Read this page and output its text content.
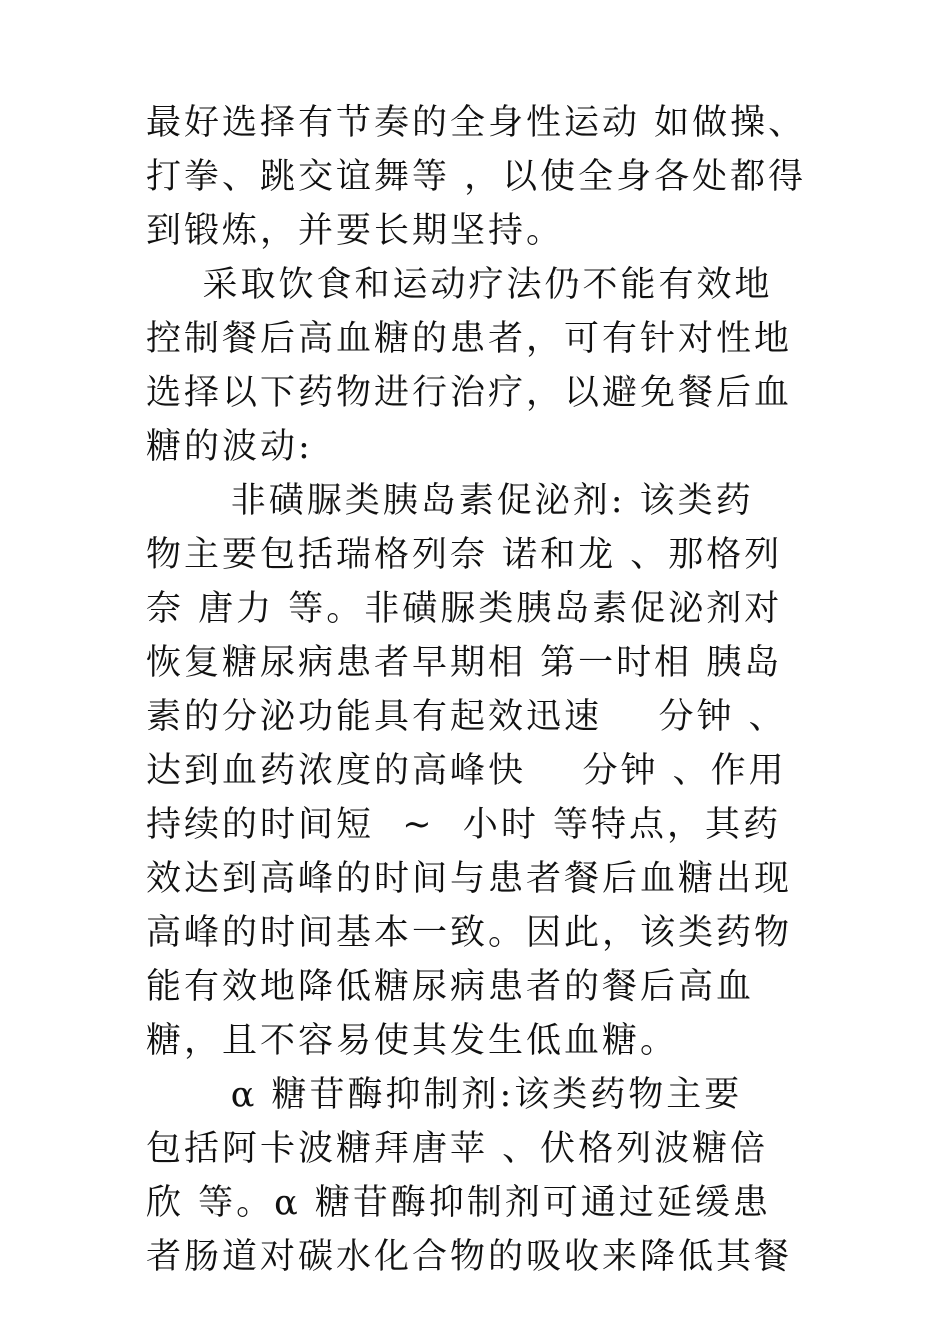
最好选择有节奏的全身性运动 如做操、
打拳、跳交谊舞等 ，以使全身各处都得
到锻炼，并要长期坚持。
采取饮食和运动疗法仍不能有效地
控制餐后高血糖的患者，可有针对性地
选择以下药物进行治疗，以避免餐后血
糖的波动:
非磺脲类胰岛素促泌剂: 该类药
物主要包括瑞格列奈 诺和龙 、那格列
奈 唐力 等。非磺脲类胰岛素促泌剂对
恢复糖尿病患者早期相 第一时相 胰岛
素的分泌功能具有起效迅速    分钟 、
达到血药浓度的高峰快    分钟 、作用
持续的时间短  ~  小时 等特点，其药
效达到高峰的时间与患者餐后血糖出现
高峰的时间基本一致。因此，该类药物
能有效地降低糖尿病患者的餐后高血
糖，且不容易使其发生低血糖。
α 糖苷酶抑制剂:该类药物主要
包括阿卡波糖拜唐苹 、伏格列波糖倍
欣 等。α 糖苷酶抑制剂可通过延缓患
者肠道对碳水化合物的吸收来降低其餐
